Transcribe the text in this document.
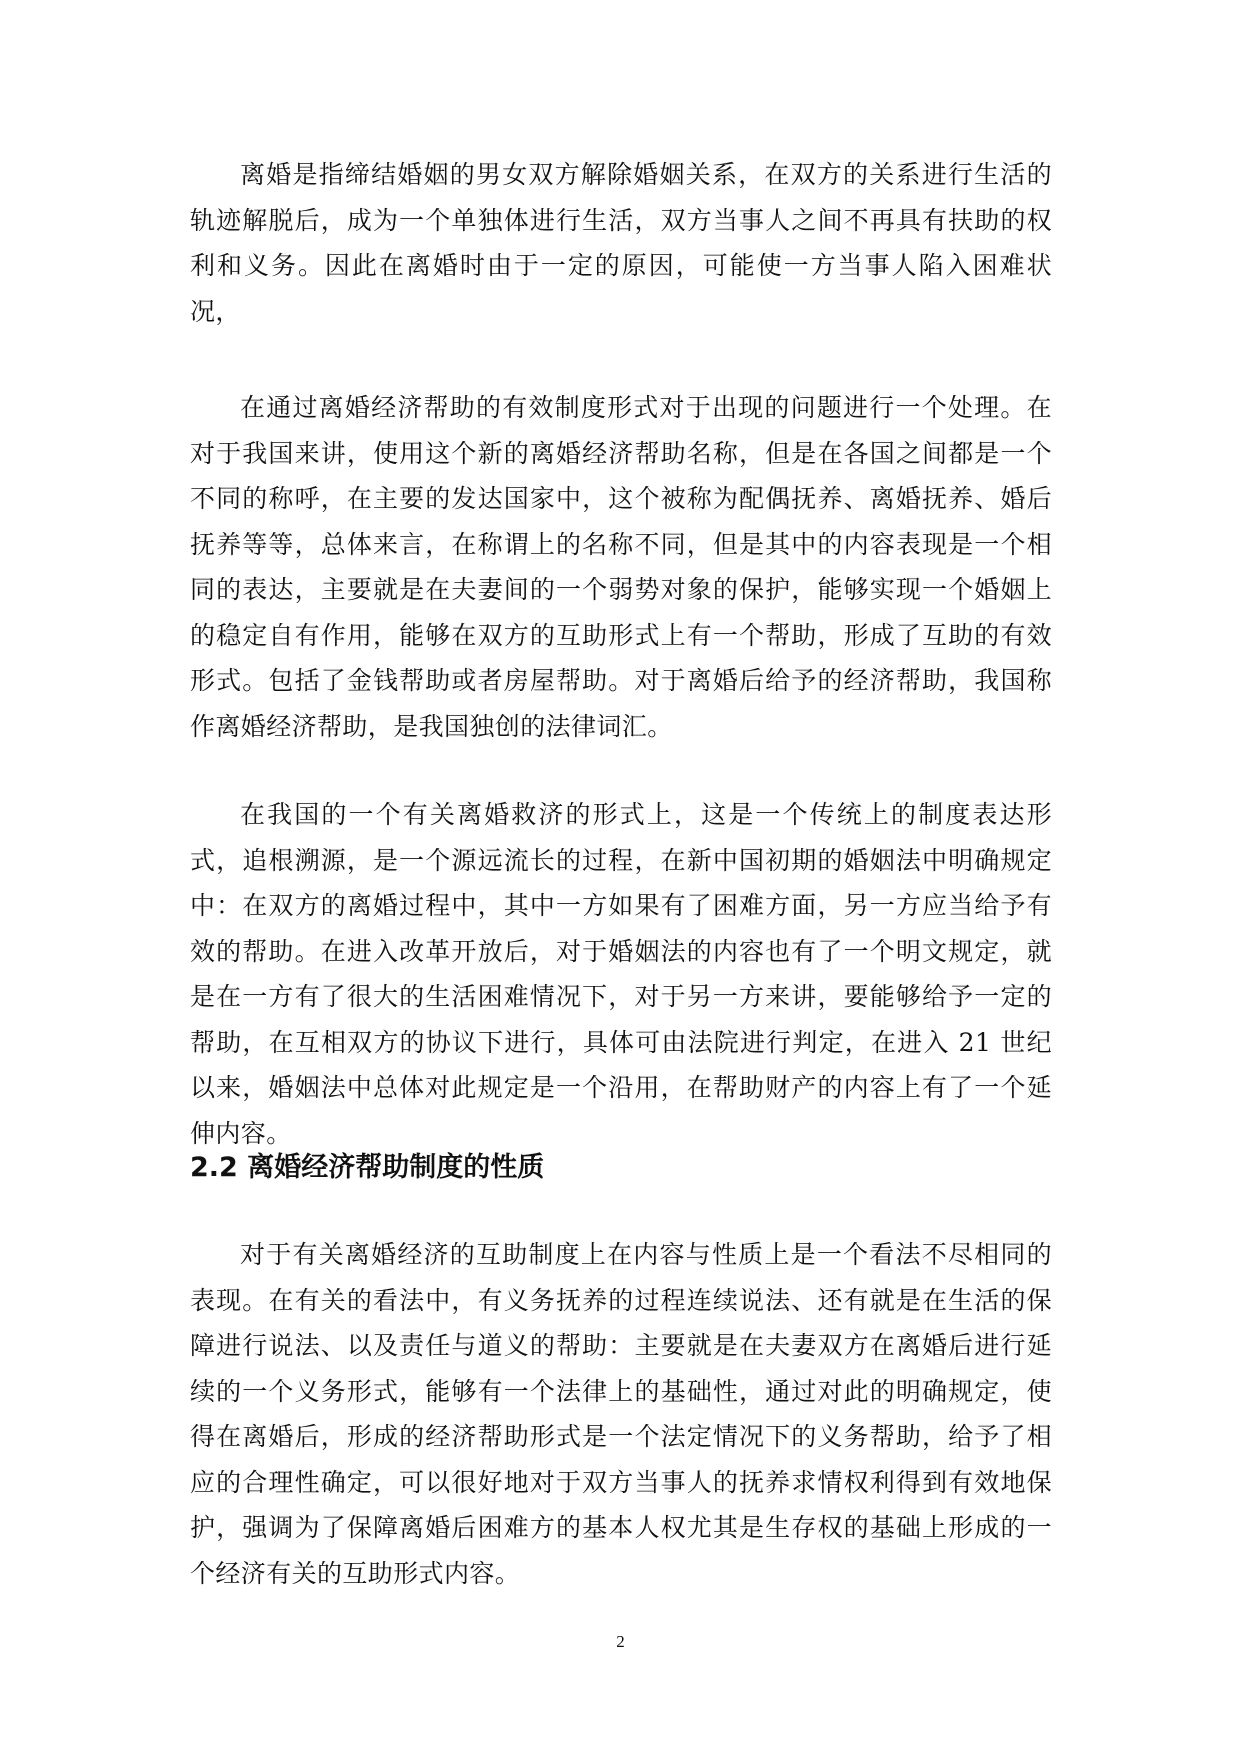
离婚是指缔结婚姻的男女双方解除婚姻关系，在双方的关系进行生活的轨迹解脱后，成为一个单独体进行生活，双方当事人之间不再具有扶助的权利和义务。因此在离婚时由于一定的原因，可能使一方当事人陷入困难状况，

在通过离婚经济帮助的有效制度形式对于出现的问题进行一个处理。在对于我国来讲，使用这个新的离婚经济帮助名称，但是在各国之间都是一个不同的称呼，在主要的发达国家中，这个被称为配偶抚养、离婚抚养、婚后抚养等等，总体来言，在称谓上的名称不同，但是其中的内容表现是一个相同的表达，主要就是在夫妻间的一个弱势对象的保护，能够实现一个婚姻上的稳定自有作用，能够在双方的互助形式上有一个帮助，形成了互助的有效形式。包括了金钱帮助或者房屋帮助。对于离婚后给予的经济帮助，我国称作离婚经济帮助，是我国独创的法律词汇。

在我国的一个有关离婚救济的形式上，这是一个传统上的制度表达形式，追根溯源，是一个源远流长的过程，在新中国初期的婚姻法中明确规定中：在双方的离婚过程中，其中一方如果有了困难方面，另一方应当给予有效的帮助。在进入改革开放后，对于婚姻法的内容也有了一个明文规定，就是在一方有了很大的生活困难情况下，对于另一方来讲，要能够给予一定的帮助，在互相双方的协议下进行，具体可由法院进行判定，在进入 21 世纪以来，婚姻法中总体对此规定是一个沿用，在帮助财产的内容上有了一个延伸内容。

2.2 离婚经济帮助制度的性质

对于有关离婚经济的互助制度上在内容与性质上是一个看法不尽相同的表现。在有关的看法中，有义务抚养的过程连续说法、还有就是在生活的保障进行说法、以及责任与道义的帮助：主要就是在夫妻双方在离婚后进行延续的一个义务形式，能够有一个法律上的基础性，通过对此的明确规定，使得在离婚后，形成的经济帮助形式是一个法定情况下的义务帮助，给予了相应的合理性确定，可以很好地对于双方当事人的抚养求情权利得到有效地保护，强调为了保障离婚后困难方的基本人权尤其是生存权的基础上形成的一个经济有关的互助形式内容。

2
